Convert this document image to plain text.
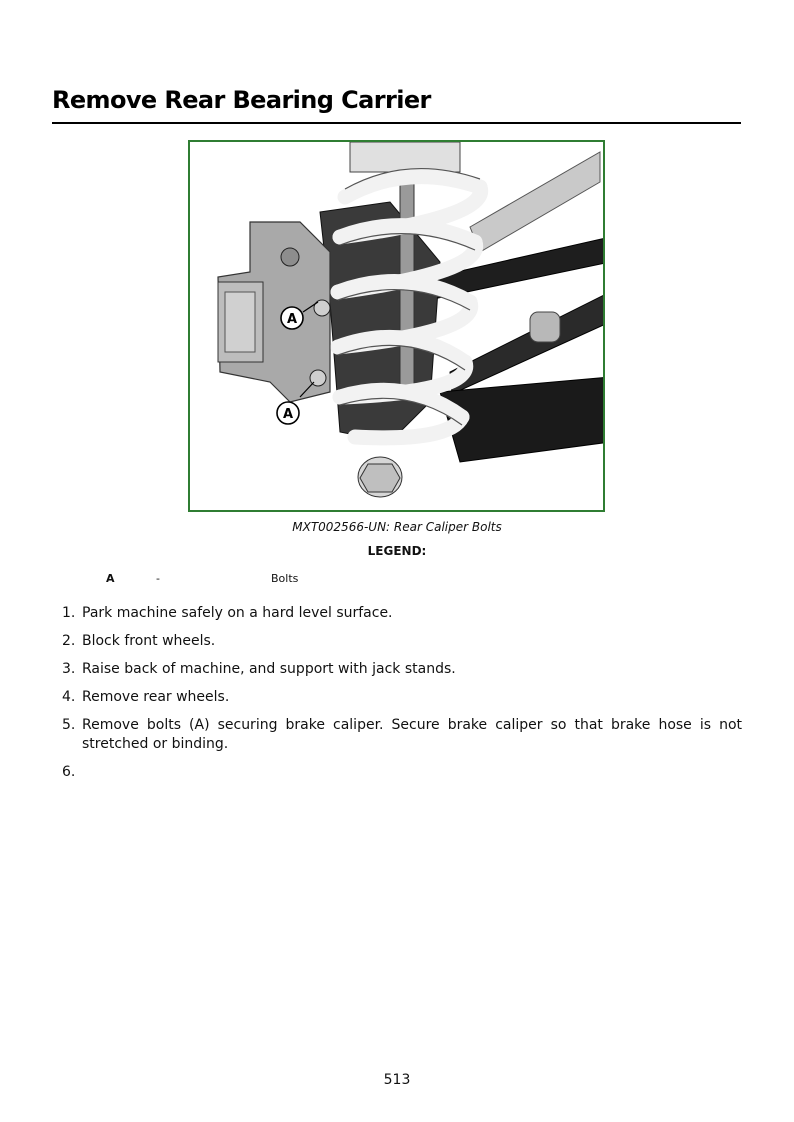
Remove Rear Bearing Carrier
A
A
MXT002566-UN: Rear Caliper Bolts
LEGEND:
A	-	Bolts
1. Park machine safely on a hard level surface.
2. Block front wheels.
3. Raise back of machine, and support with jack stands.
4. Remove rear wheels.
5. Remove bolts (A) securing brake caliper. Secure brake caliper so that brake hose is not stretched or binding.
6.
513
